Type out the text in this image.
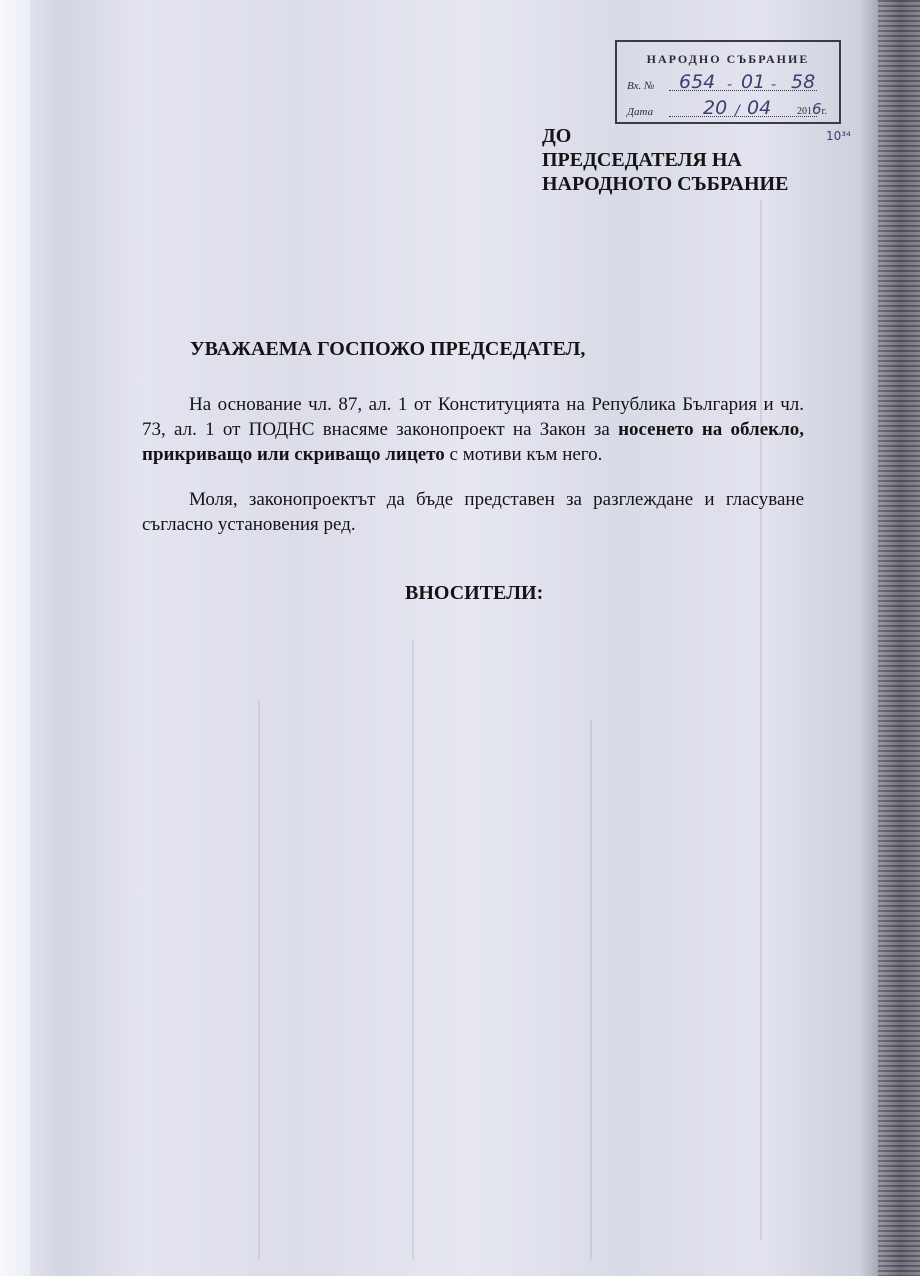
НАРОДНО СЪБРАНИЕ
Вх. № 654 - 01 - 58
Дата	20 / 04	2016г.
10³⁴
ДО
ПРЕДСЕДАТЕЛЯ НА
НАРОДНОТО СЪБРАНИЕ
УВАЖАЕМА ГОСПОЖО ПРЕДСЕДАТЕЛ,
На основание чл. 87, ал. 1 от Конституцията на Република България и чл. 73, ал. 1 от ПОДНС внасяме законопроект на Закон за носенето на облекло, прикриващо или скриващо лицето с мотиви към него.
Моля, законопроектът да бъде представен за разглеждане и гласуване съгласно установения ред.
ВНОСИТЕЛИ:
